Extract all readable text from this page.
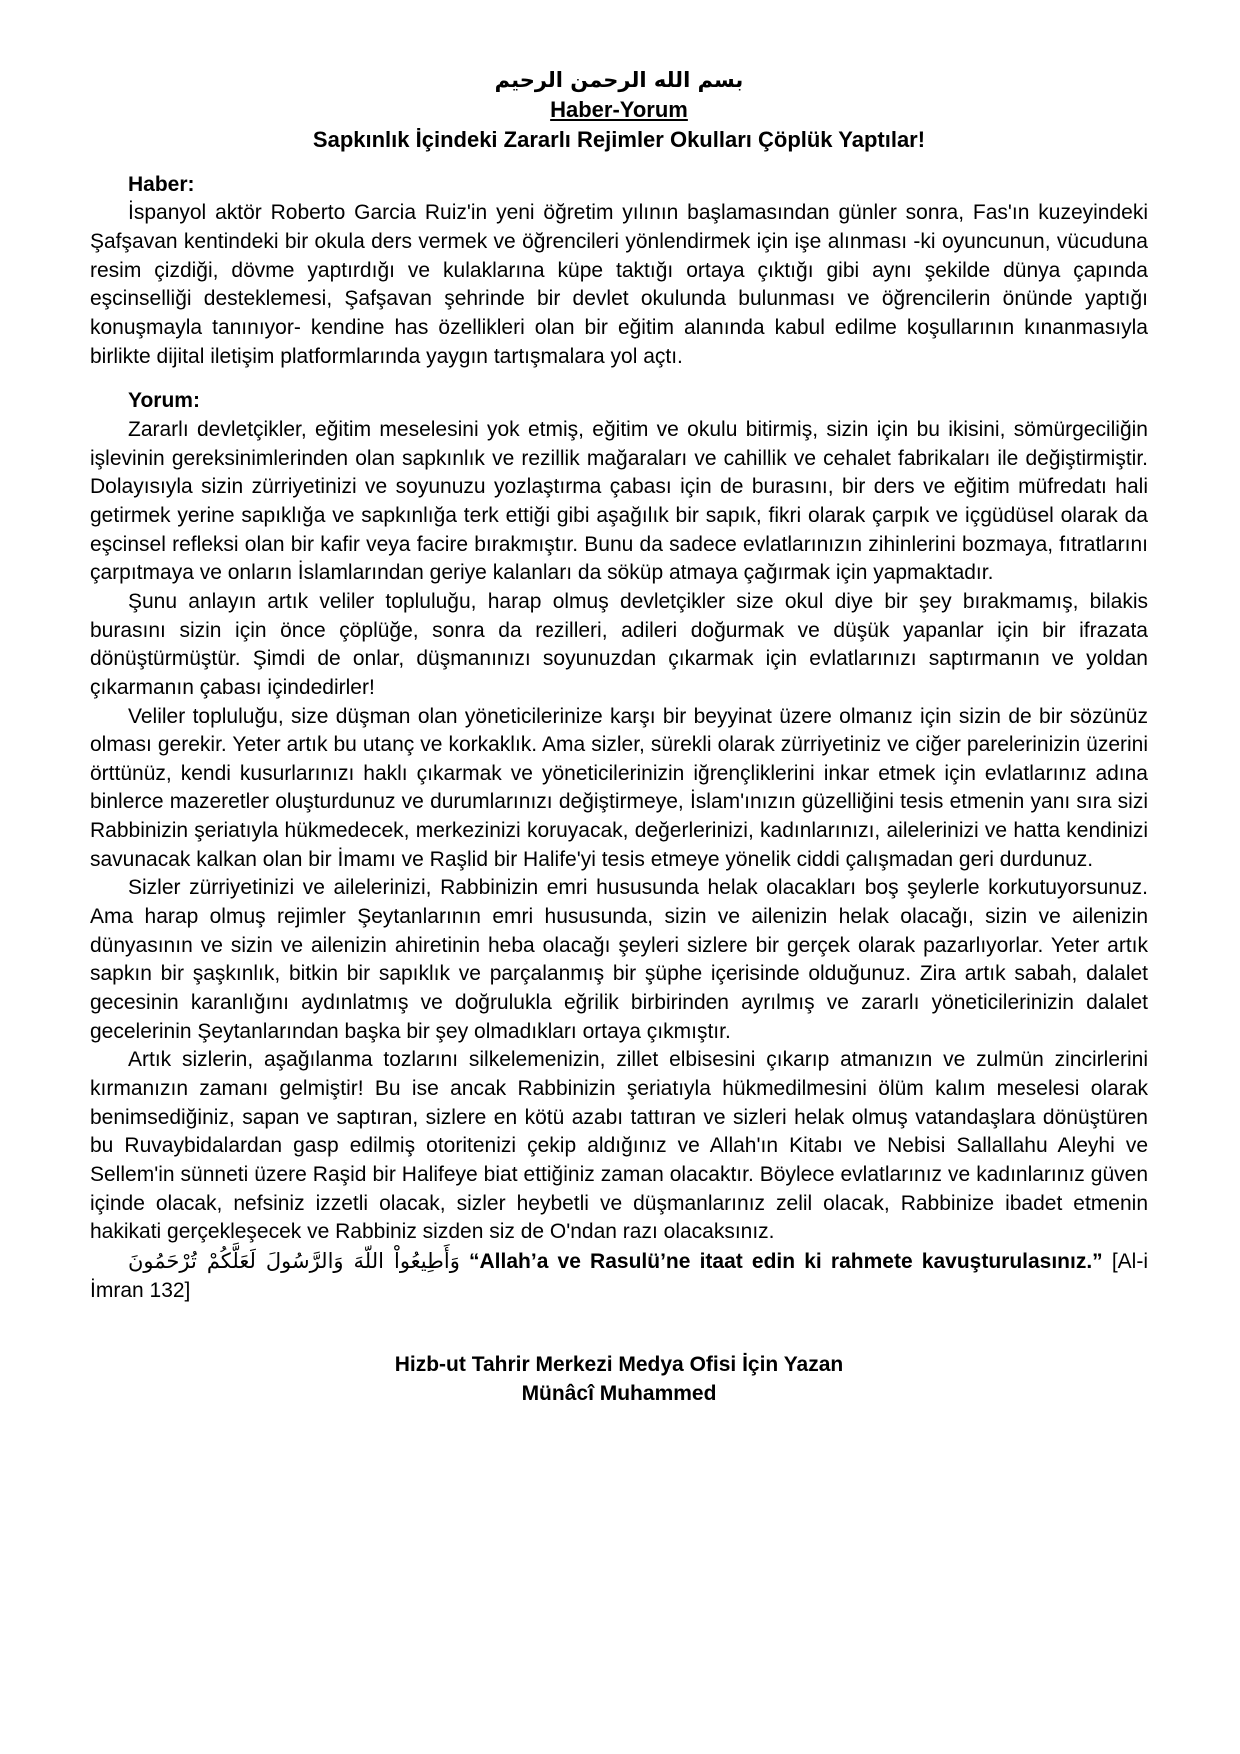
بسم الله الرحمن الرحيم
Haber-Yorum
Sapkınlık İçindeki Zararlı Rejimler Okulları Çöplük Yaptılar!
Haber:

İspanyol aktör Roberto Garcia Ruiz'in yeni öğretim yılının başlamasından günler sonra, Fas'ın kuzeyindeki Şafşavan kentindeki bir okula ders vermek ve öğrencileri yönlendirmek için işe alınması -ki oyuncunun, vücuduna resim çizdiği, dövme yaptırdığı ve kulaklarına küpe taktığı ortaya çıktığı gibi aynı şekilde dünya çapında eşcinselliği desteklemesi, Şafşavan şehrinde bir devlet okulunda bulunması ve öğrencilerin önünde yaptığı konuşmayla tanınıyor- kendine has özellikleri olan bir eğitim alanında kabul edilme koşullarının kınanmasıyla birlikte dijital iletişim platformlarında yaygın tartışmalara yol açtı.

Yorum:

Zararlı devletçikler, eğitim meselesini yok etmiş, eğitim ve okulu bitirmiş, sizin için bu ikisini, sömürgeciliğin işlevinin gereksinimlerinden olan sapkınlık ve rezillik mağaraları ve cahillik ve cehalet fabrikaları ile değiştirmiştir. Dolayısıyla sizin zürriyetinizi ve soyunuzu yozlaştırma çabası için de burasını, bir ders ve eğitim müfredatı hali getirmek yerine sapıklığa ve sapkınlığa terk ettiği gibi aşağılık bir sapık, fikri olarak çarpık ve içgüdüsel olarak da eşcinsel refleksi olan bir kafir veya facire bırakmıştır. Bunu da sadece evlatlarınızın zihinlerini bozmaya, fıtratlarını çarpıtmaya ve onların İslamlarından geriye kalanları da söküp atmaya çağırmak için yapmaktadır.

Şunu anlayın artık veliler topluluğu, harap olmuş devletçikler size okul diye bir şey bırakmamış, bilakis burasını sizin için önce çöplüğe, sonra da rezilleri, adileri doğurmak ve düşük yapanlar için bir ifrazata dönüştürmüştür. Şimdi de onlar, düşmanınızı soyunuzdan çıkarmak için evlatlarınızı saptırmanın ve yoldan çıkarmanın çabası içindedirler!

Veliler topluluğu, size düşman olan yöneticilerinize karşı bir beyyinat üzere olmanız için sizin de bir sözünüz olması gerekir. Yeter artık bu utanç ve korkaklık. Ama sizler, sürekli olarak zürriyetiniz ve ciğer parelerinizin üzerini örttünüz, kendi kusurlarınızı haklı çıkarmak ve yöneticilerinizin iğrençliklerini inkar etmek için evlatlarınız adına binlerce mazeretler oluşturdunuz ve durumlarınızı değiştirmeye, İslam'ınızın güzelliğini tesis etmenin yanı sıra sizi Rabbinizin şeriatıyla hükmedecek, merkezinizi koruyacak, değerlerinizi, kadınlarınızı, ailelerinizi ve hatta kendinizi savunacak kalkan olan bir İmamı ve Raşlid bir Halife'yi tesis etmeye yönelik ciddi çalışmadan geri durdunuz.

Sizler zürriyetinizi ve ailelerinizi, Rabbinizin emri hususunda helak olacakları boş şeylerle korkutuyorsunuz. Ama harap olmuş rejimler Şeytanlarının emri hususunda, sizin ve ailenizin helak olacağı, sizin ve ailenizin dünyasının ve sizin ve ailenizin ahiretinin heba olacağı şeyleri sizlere bir gerçek olarak pazarlıyorlar. Yeter artık sapkın bir şaşkınlık, bitkin bir sapıklık ve parçalanmış bir şüphe içerisinde olduğunuz. Zira artık sabah, dalalet gecesinin karanlığını aydınlatmış ve doğrulukla eğrilik birbirinden ayrılmış ve zararlı yöneticilerinizin dalalet gecelerinin Şeytanlarından başka bir şey olmadıkları ortaya çıkmıştır.

Artık sizlerin, aşağılanma tozlarını silkelemenizin, zillet elbisesini çıkarıp atmanızın ve zulmün zincirlerini kırmanızın zamanı gelmiştir! Bu ise ancak Rabbinizin şeriatıyla hükmedilmesini ölüm kalım meselesi olarak benimsediğiniz, sapan ve saptıran, sizlere en kötü azabı tattıran ve sizleri helak olmuş vatandaşlara dönüştüren bu Ruvaybidalardan gasp edilmiş otoritenizi çekip aldığınız ve Allah'ın Kitabı ve Nebisi Sallallahu Aleyhi ve Sellem'in sünneti üzere Raşid bir Halifeye biat ettiğiniz zaman olacaktır. Böylece evlatlarınız ve kadınlarınız güven içinde olacak, nefsiniz izzetli olacak, sizler heybetli ve düşmanlarınız zelil olacak, Rabbinize ibadet etmenin hakikati gerçekleşecek ve Rabbiniz sizden siz de O'ndan razı olacaksınız.

وَأَطِيعُواْ اللّهَ وَالرَّسُولَ لَعَلَّكُمْ تُرْحَمُونَ “Allah’a ve Rasulü’ne itaat edin ki rahmete kavuşturulasınız.” [Al-i İmran 132]

Hizb-ut Tahrir Merkezi Medya Ofisi İçin Yazan
Münâcî Muhammed
